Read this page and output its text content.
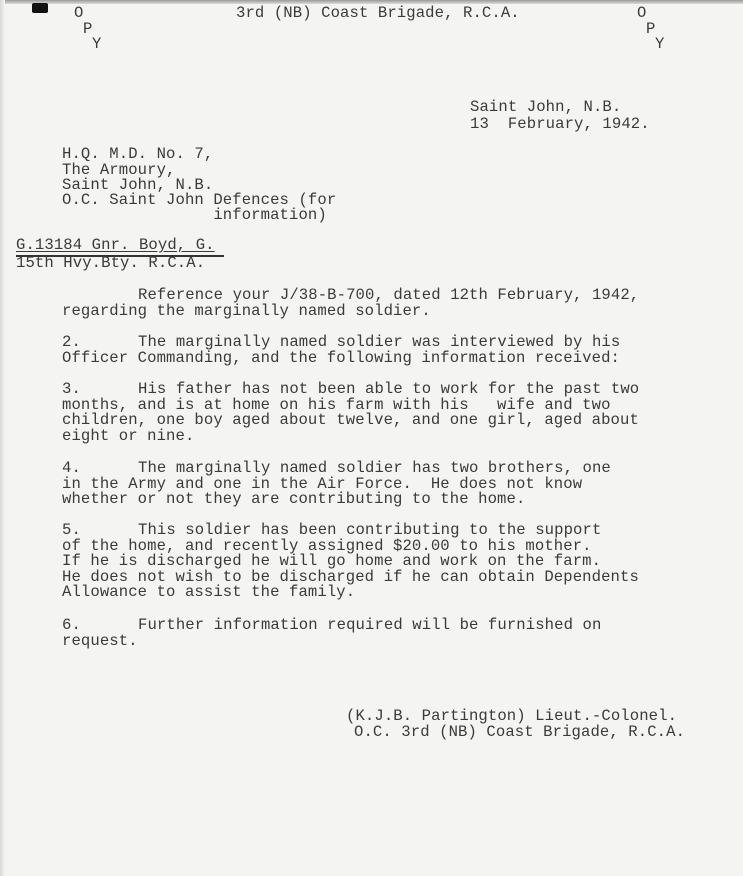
3rd (NB) Coast Brigade, R.C.A.
O
P
Y
O
P
Y
Saint John, N.B.
13  February, 1942.
H.Q. M.D. No. 7,
The Armoury,
Saint John, N.B.
O.C. Saint John Defences (for
information)
G.13184 Gnr. Boyd, G.
15th Hvy.Bty. R.C.A.
Reference your J/38-B-700, dated 12th February, 1942,
regarding the marginally named soldier.
2.	The marginally named soldier was interviewed by his
Officer Commanding, and the following information received:
3.	His father has not been able to work for the past two
months, and is at home on his farm with his   wife and two
children, one boy aged about twelve, and one girl, aged about
eight or nine.
4.	The marginally named soldier has two brothers, one
in the Army and one in the Air Force.  He does not know
whether or not they are contributing to the home.
5.	This soldier has been contributing to the support
of the home, and recently assigned $20.00 to his mother.
If he is discharged he will go home and work on the farm.
He does not wish to be discharged if he can obtain Dependents
Allowance to assist the family.
6.	Further information required will be furnished on
request.
(K.J.B. Partington) Lieut.-Colonel.
O.C. 3rd (NB) Coast Brigade, R.C.A.
